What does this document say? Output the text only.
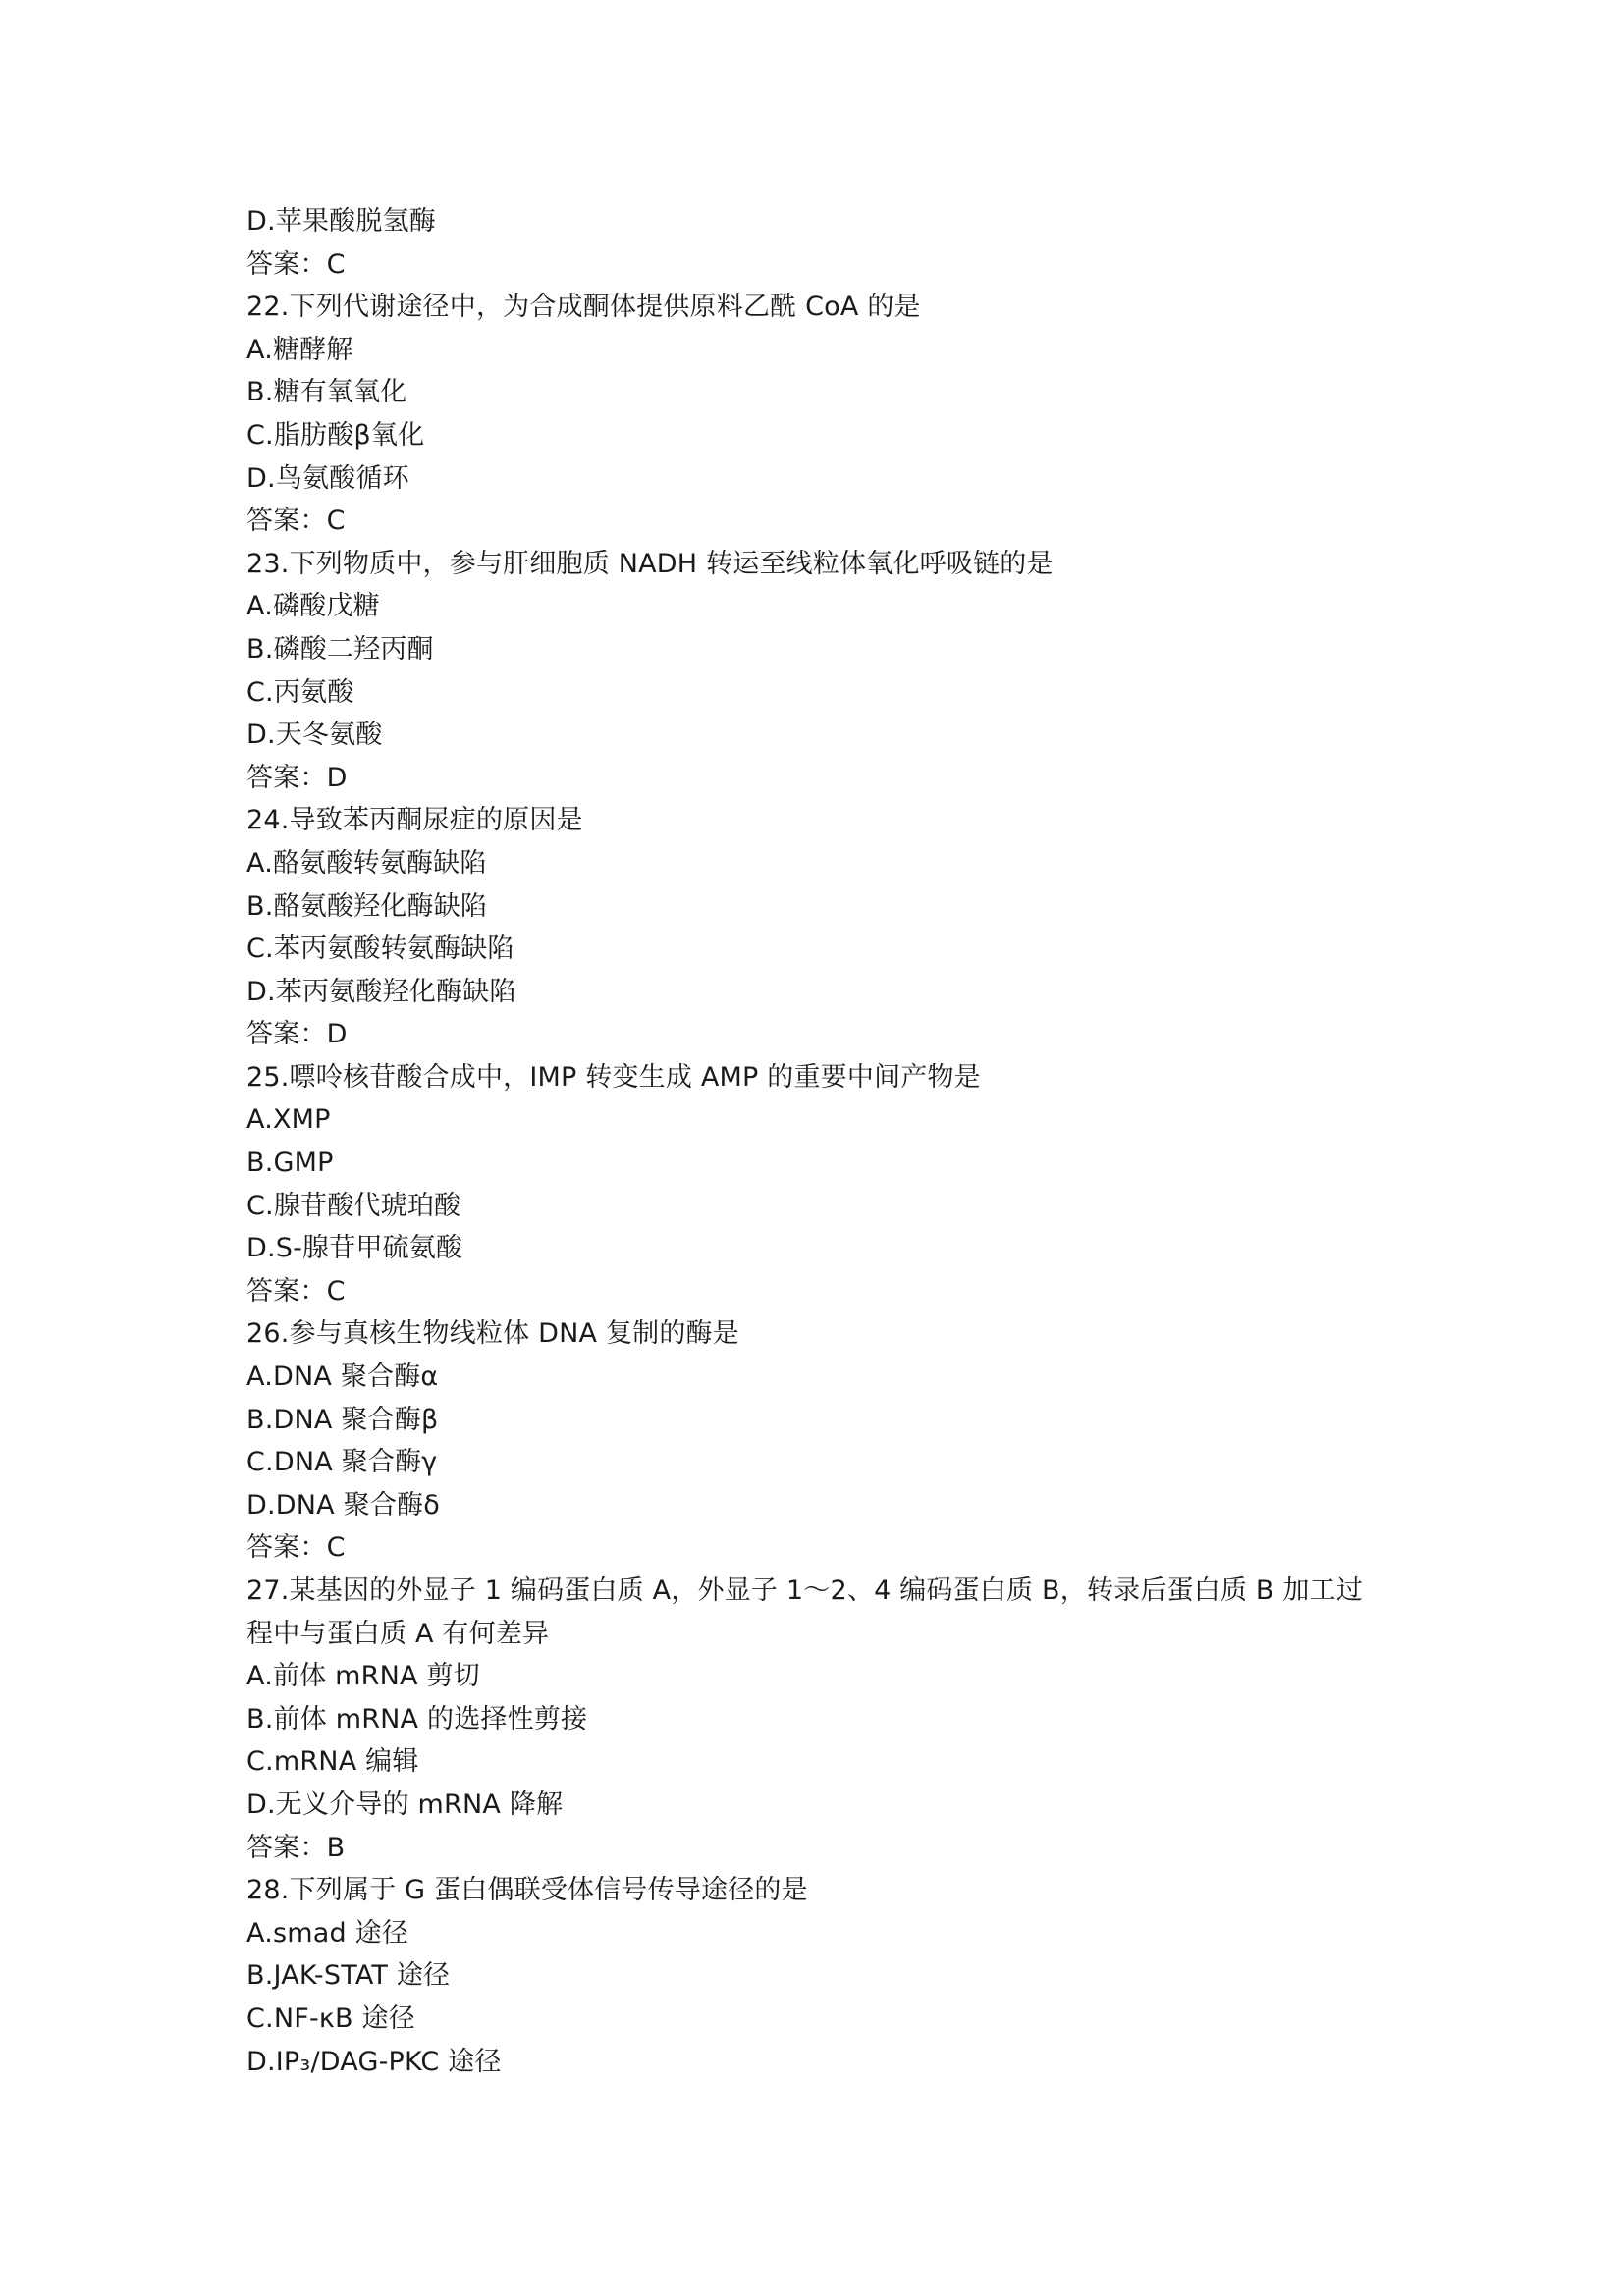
D.苹果酸脱氢酶
答案：C
22.下列代谢途径中，为合成酮体提供原料乙酰 CoA 的是
A.糖酵解
B.糖有氧氧化
C.脂肪酸β氧化
D.鸟氨酸循环
答案：C
23.下列物质中，参与肝细胞质 NADH 转运至线粒体氧化呼吸链的是
A.磷酸戊糖
B.磷酸二羟丙酮
C.丙氨酸
D.天冬氨酸
答案：D
24.导致苯丙酮尿症的原因是
A.酪氨酸转氨酶缺陷
B.酪氨酸羟化酶缺陷
C.苯丙氨酸转氨酶缺陷
D.苯丙氨酸羟化酶缺陷
答案：D
25.嘌呤核苷酸合成中，IMP 转变生成 AMP 的重要中间产物是
A.XMP
B.GMP
C.腺苷酸代琥珀酸
D.S-腺苷甲硫氨酸
答案：C
26.参与真核生物线粒体 DNA 复制的酶是
A.DNA 聚合酶α
B.DNA 聚合酶β
C.DNA 聚合酶γ
D.DNA 聚合酶δ
答案：C
27.某基因的外显子 1 编码蛋白质 A，外显子 1～2、4 编码蛋白质 B，转录后蛋白质 B 加工过
程中与蛋白质 A 有何差异
A.前体 mRNA 剪切
B.前体 mRNA 的选择性剪接
C.mRNA 编辑
D.无义介导的 mRNA 降解
答案：B
28.下列属于 G 蛋白偶联受体信号传导途径的是
A.smad 途径
B.JAK-STAT 途径
C.NF-κB 途径
D.IP₃/DAG-PKC 途径
